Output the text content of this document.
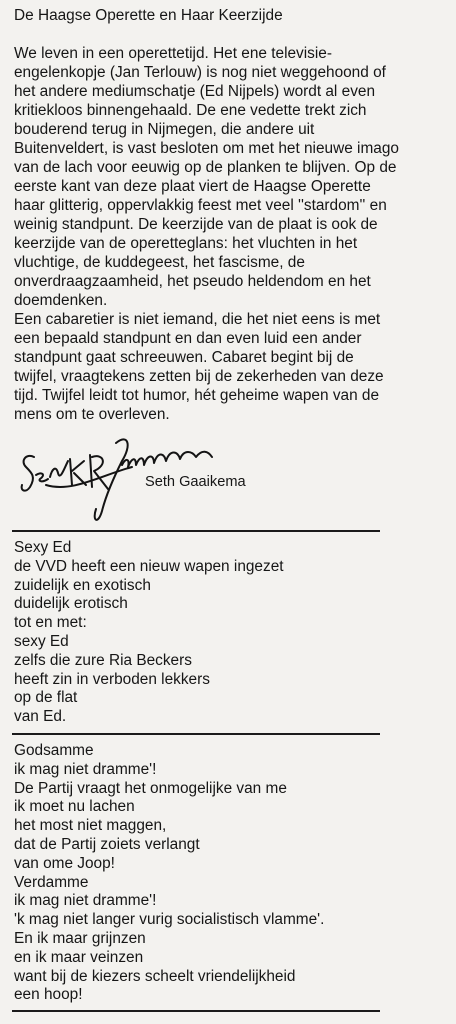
De Haagse Operette en Haar Keerzijde
We leven in een operettetijd. Het ene televisie-
engelenkopje (Jan Terlouw) is nog niet weggehoond of
het andere mediumschatje (Ed Nijpels) wordt al even
kritiekloos binnengehaald. De ene vedette trekt zich
bouderend terug in Nijmegen, die andere uit
Buitenveldert, is vast besloten om met het nieuwe imago
van de lach voor eeuwig op de planken te blijven. Op de
eerste kant van deze plaat viert de Haagse Operette
haar glitterig, oppervlakkig feest met veel ''stardom'' en
weinig standpunt. De keerzijde van de plaat is ook de
keerzijde van de operetteglans: het vluchten in het
vluchtige, de kuddegeest, het fascisme, de
onverdraagzaamheid, het pseudo heldendom en het
doemdenken.
Een cabaretier is niet iemand, die het niet eens is met
een bepaald standpunt en dan even luid een ander
standpunt gaat schreeuwen. Cabaret begint bij de
twijfel, vraagtekens zetten bij de zekerheden van deze
tijd. Twijfel leidt tot humor, hét geheime wapen van de
mens om te overleven.
Seth Gaaikema
Sexy Ed
de VVD heeft een nieuw wapen ingezet
zuidelijk en exotisch
duidelijk erotisch
tot en met:
sexy Ed
zelfs die zure Ria Beckers
heeft zin in verboden lekkers
op de flat
van Ed.
Godsamme
ik mag niet dramme'!
De Partij vraagt het onmogelijke van me
ik moet nu lachen
het most niet maggen,
dat de Partij zoiets verlangt
van ome Joop!
Verdamme
ik mag niet dramme'!
'k mag niet langer vurig socialistisch vlamme'.
En ik maar grijnzen
en ik maar veinzen
want bij de kiezers scheelt vriendelijkheid
een hoop!
